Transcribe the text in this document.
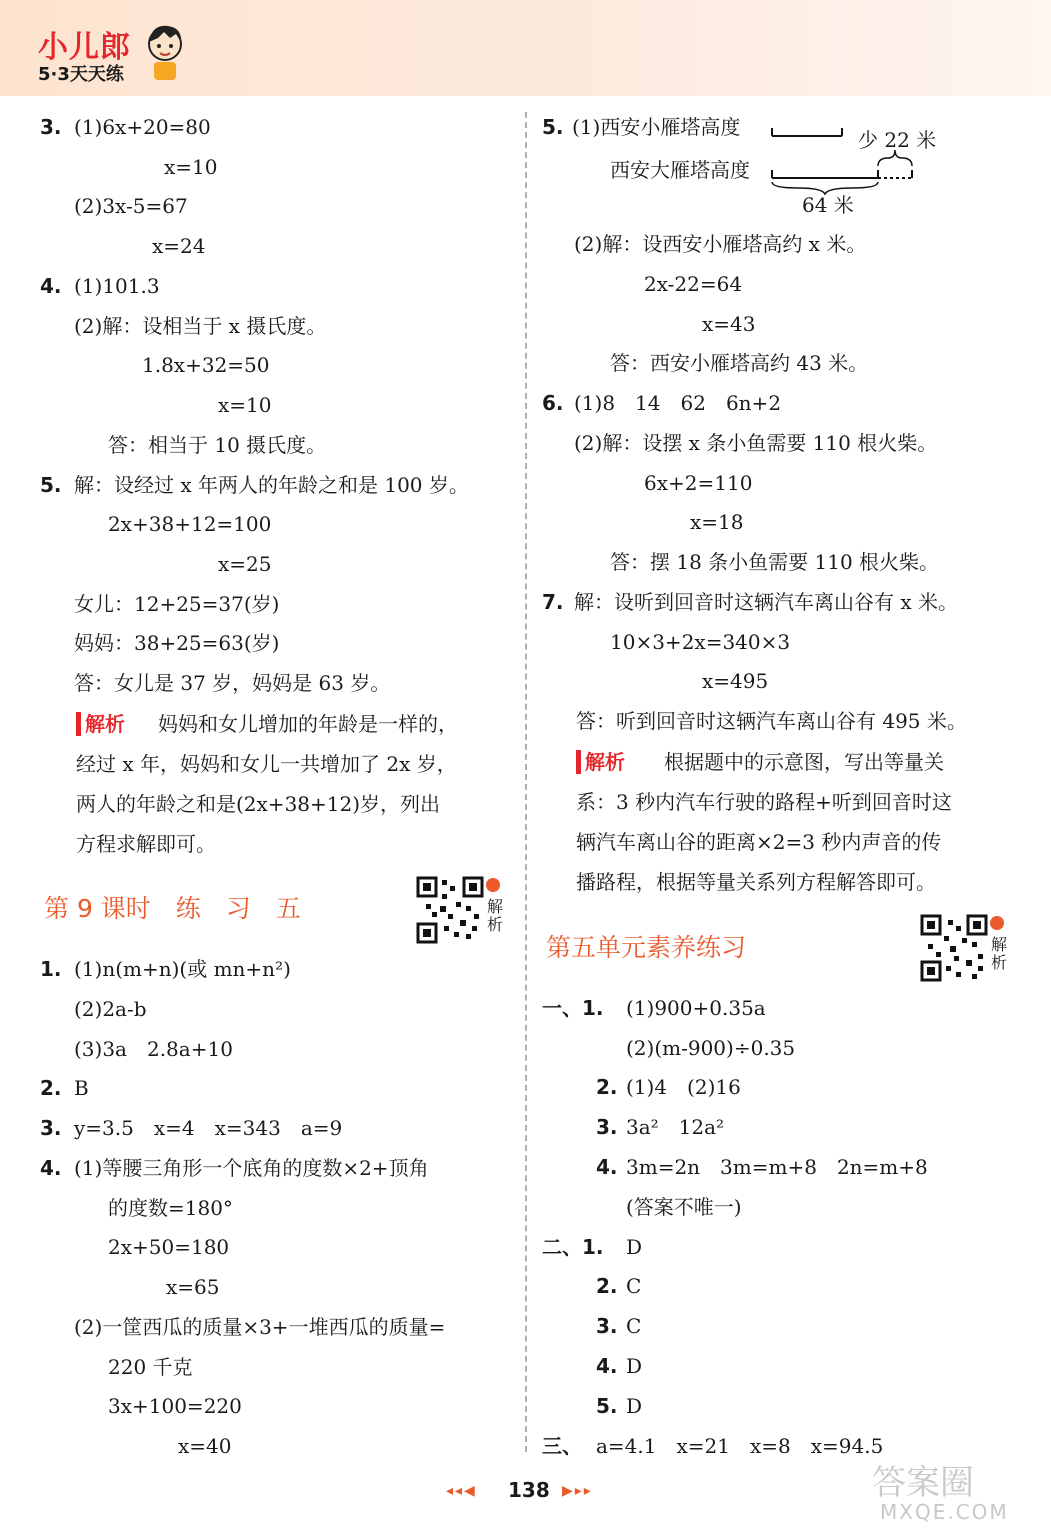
小儿郎
5·3天天练
3. (1)6x+20=80
x=10
(2)3x-5=67
x=24
4. (1)101.3
(2)解：设相当于 x 摄氏度。
1.8x+32=50
x=10
答：相当于 10 摄氏度。
5. 解：设经过 x 年两人的年龄之和是 100 岁。
2x+38+12=100
x=25
女儿：12+25=37(岁)
妈妈：38+25=63(岁)
答：女儿是 37 岁，妈妈是 63 岁。
解析
第 9 课时　练　习　五	解析
1. (1)n(m+n)(或 mn+n²)
(2)2a-b
(3)3a　2.8a+10
2. B
3. y=3.5　x=4　x=343　a=9
4. (1)等腰三角形一个底角的度数×2+顶角
的度数=180°
2x+50=180
x=65
(2)一筐西瓜的质量×3+一堆西瓜的质量=
220 千克
3x+100=220
x=40
5. (1)西安小雁塔高度
西安大雁塔高度
少 22 米
64 米
(2)解：设西安小雁塔高约 x 米。
2x-22=64
x=43
答：西安小雁塔高约 43 米。
6. (1)8　14　62　6n+2
(2)解：设摆 x 条小鱼需要 110 根火柴。
6x+2=110
x=18
答：摆 18 条小鱼需要 110 根火柴。
7. 解：设听到回音时这辆汽车离山谷有 x 米。
10×3+2x=340×3
x=495
答：听到回音时这辆汽车离山谷有 495 米。
解析
第五单元素养练习	解析
一、1. (1)900+0.35a
(2)(m-900)÷0.35
2. (1)4　(2)16
3. 3a²　12a²
4. 3m=2n　3m=m+8　2n=m+8
(答案不唯一)
二、1. D
2. C
3. C
4. D
5. D
三、 a=4.1　x=21　x=8　x=94.5
◂◂◀ 138 ▶▸▸	答案圈
MXQE.COM
妈妈和女儿增加的年龄是一样的，
经过 x 年，妈妈和女儿一共增加了 2x 岁，
两人的年龄之和是(2x+38+12)岁，列出
方程求解即可。
根据题中的示意图，写出等量关
系：3 秒内汽车行驶的路程+听到回音时这
辆汽车离山谷的距离×2=3 秒内声音的传
播路程，根据等量关系列方程解答即可。
